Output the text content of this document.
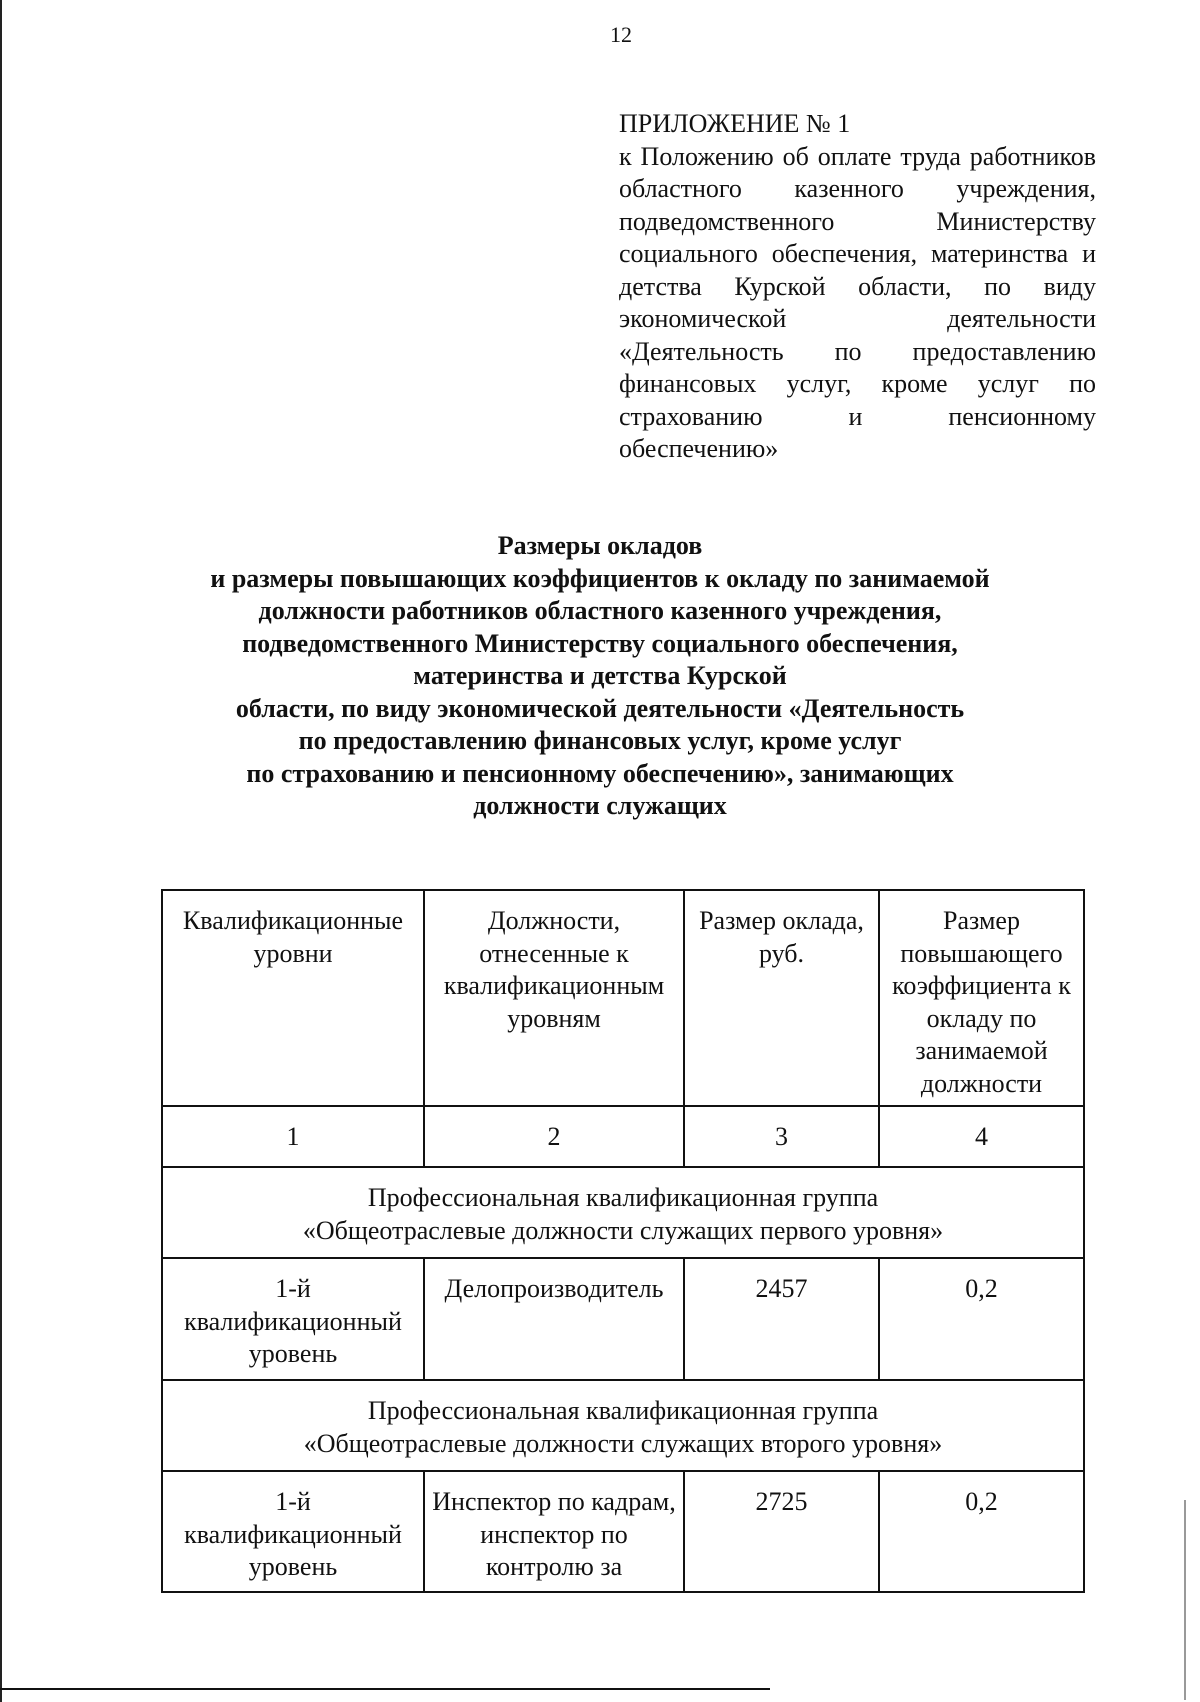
12
ПРИЛОЖЕНИЕ № 1
к Положению об оплате труда работников областного казенного учреждения, подведомственного Министерству социального обеспечения, материнства и детства Курской области, по виду экономической деятельности «Деятельность по предоставлению финансовых услуг, кроме услуг по страхованию и пенсионному обеспечению»
Размеры окладов
и размеры повышающих коэффициентов к окладу по занимаемой
должности работников областного казенного учреждения,
подведомственного Министерству социального обеспечения,
материнства и детства Курской
области, по виду экономической деятельности «Деятельность
по предоставлению финансовых услуг, кроме услуг
по страхованию и пенсионному обеспечению», занимающих
должности служащих
Квалификационные уровни	Должности, отнесенные к квалификационным уровням	Размер оклада, руб.	Размер повышающего коэффициента к окладу по занимаемой должности
1	2	3	4

Профессиональная квалификационная группа
«Общеотраслевые должности служащих первого уровня»			

1-й квалификационный уровень	Делопроизводитель	2457	0,2

Профессиональная квалификационная группа
«Общеотраслевые должности служащих второго уровня»			

1-й квалификационный уровень	Инспектор по кадрам, инспектор по контролю за	2725	0,2
